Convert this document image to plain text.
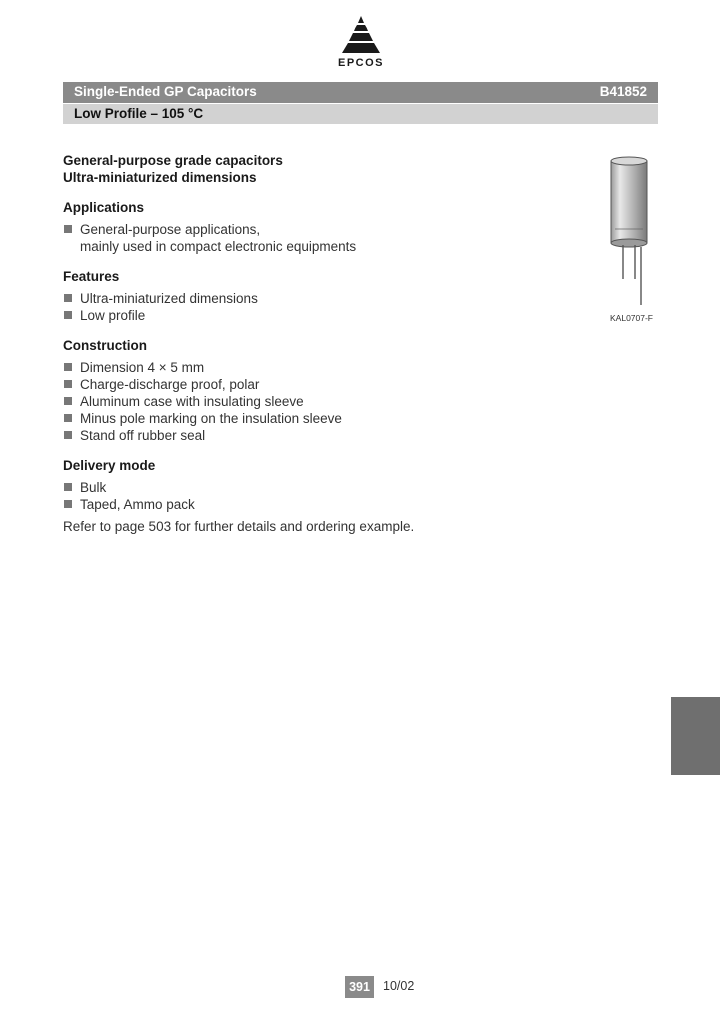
EPCOS
Single-Ended GP Capacitors	B41852
Low Profile – 105 °C
General-purpose grade capacitors
Ultra-miniaturized dimensions
Applications
General-purpose applications,
mainly used in compact electronic equipments
Features
Ultra-miniaturized dimensions
Low profile
Construction
Dimension 4 × 5 mm
Charge-discharge proof, polar
Aluminum case with insulating sleeve
Minus pole marking on the insulation sleeve
Stand off rubber seal
Delivery mode
Bulk
Taped, Ammo pack
Refer to page 503 for further details and ordering example.
KAL0707-F
391	10/02
